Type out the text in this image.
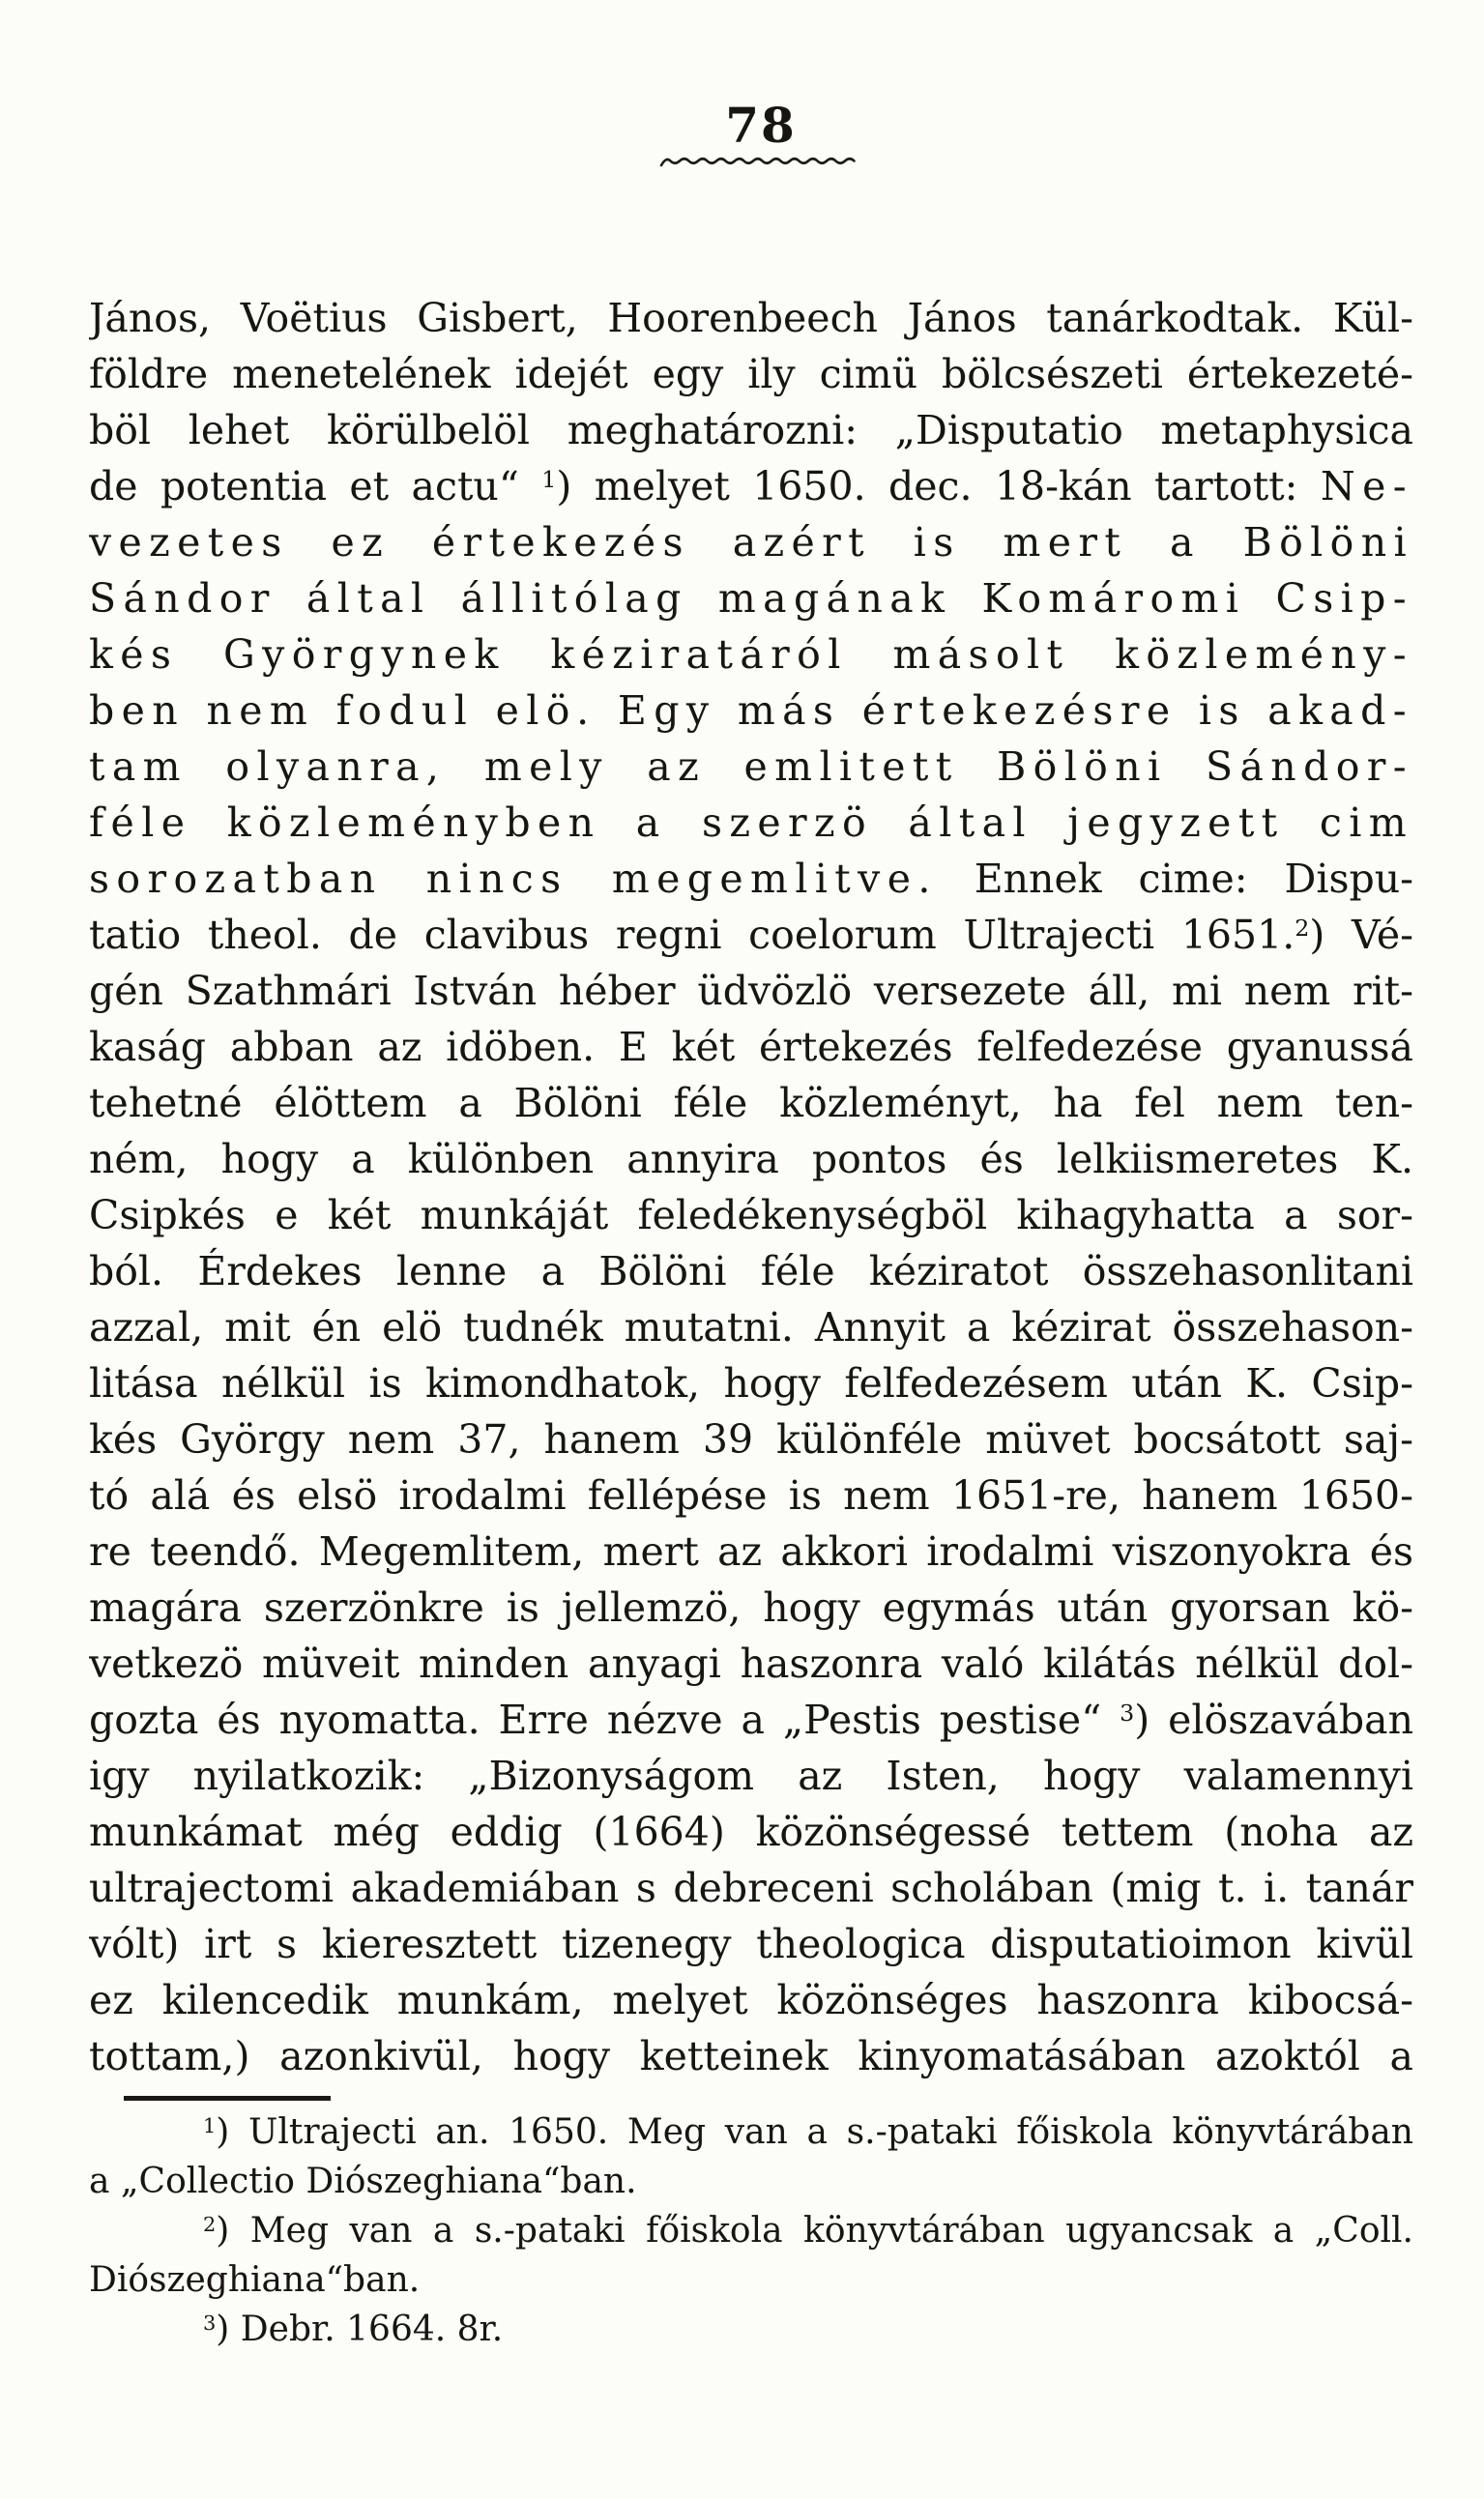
78
János, Voëtius Gisbert, Hoorenbeech János tanárkodtak. Kül-
földre menetelének idejét egy ily cimü bölcsészeti értekezeté-
böl lehet körülbelöl meghatározni: „Disputatio metaphysica
de potentia et actu“ $^1$) melyet 1650. dec. 18-kán tartott: Ne-
vezetes ez értekezés azért is mert a Bölöni
Sándor által állitólag magának Komáromi Csip-
kés Györgynek kéziratáról másolt közlemény-
ben nem fodul elö. Egy más értekezésre is akad-
tam olyanra, mely az emlitett Bölöni Sándor-
féle közleményben a szerzö által jegyzett cim
sorozatban nincs megemlitve. Ennek cime: Dispu-
tatio theol. de clavibus regni coelorum Ultrajecti 1651.$^2$) Vé-
gén Szathmári István héber üdvözlö versezete áll, mi nem rit-
kaság abban az idöben. E két értekezés felfedezése gyanussá
tehetné élöttem a Bölöni féle közleményt, ha fel nem ten-
ném, hogy a különben annyira pontos és lelkiismeretes K.
Csipkés e két munkáját feledékenységböl kihagyhatta a sor-
ból. Érdekes lenne a Bölöni féle kéziratot összehasonlitani
azzal, mit én elö tudnék mutatni. Annyit a kézirat összehason-
litása nélkül is kimondhatok, hogy felfedezésem után K. Csip-
kés György nem 37, hanem 39 különféle müvet bocsátott saj-
tó alá és elsö irodalmi fellépése is nem 1651-re, hanem 1650-
re teendő. Megemlitem, mert az akkori irodalmi viszonyokra és
magára szerzönkre is jellemzö, hogy egymás után gyorsan kö-
vetkezö müveit minden anyagi haszonra való kilátás nélkül dol-
gozta és nyomatta. Erre nézve a „Pestis pestise“ $^3$) elöszavában
igy nyilatkozik: „Bizonyságom az Isten, hogy valamennyi
munkámat még eddig (1664) közönségessé tettem (noha az
ultrajectomi akademiában s debreceni scholában (mig t. i. tanár
vólt) irt s kieresztett tizenegy theologica disputatioimon kivül
ez kilencedik munkám, melyet közönséges haszonra kibocsá-
tottam,) azonkivül, hogy ketteinek kinyomatásában azoktól a
$^1$) Ultrajecti an. 1650. Meg van a s.-pataki főiskola könyvtárában
a „Collectio Diószeghiana“ban.
$^2$) Meg van a s.-pataki főiskola könyvtárában ugyancsak a „Coll.
Diószeghiana“ban.
$^3$) Debr. 1664. 8r.
